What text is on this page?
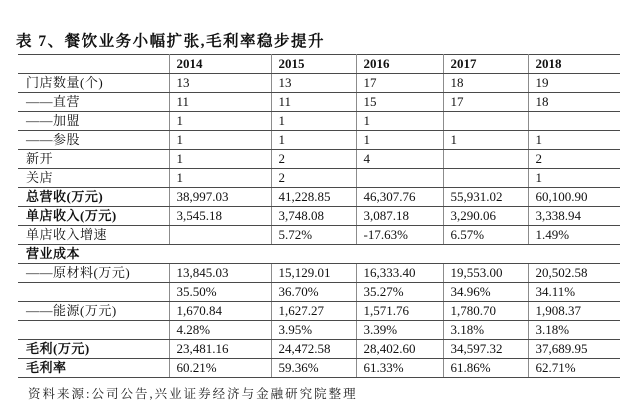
表 7、餐饮业务小幅扩张,毛利率稳步提升
	2014	2015	2016	2017	2018
门店数量(个)	13	13	17	18	19
——直营	11	11	15	17	18
——加盟	1	1	1		
——参股	1	1	1	1	1
新开	1	2	4		2
关店	1	2			1
总营收(万元)	38,997.03	41,228.85	46,307.76	55,931.02	60,100.90
单店收入(万元)	3,545.18	3,748.08	3,087.18	3,290.06	3,338.94
单店收入增速		5.72%	-17.63%	6.57%	1.49%
营业成本					
——原材料(万元)	13,845.03	15,129.01	16,333.40	19,553.00	20,502.58
	35.50%	36.70%	35.27%	34.96%	34.11%
——能源(万元)	1,670.84	1,627.27	1,571.76	1,780.70	1,908.37
	4.28%	3.95%	3.39%	3.18%	3.18%
毛利(万元)	23,481.16	24,472.58	28,402.60	34,597.32	37,689.95
毛利率	60.21%	59.36%	61.33%	61.86%	62.71%
资料来源:公司公告,兴业证券经济与金融研究院整理
